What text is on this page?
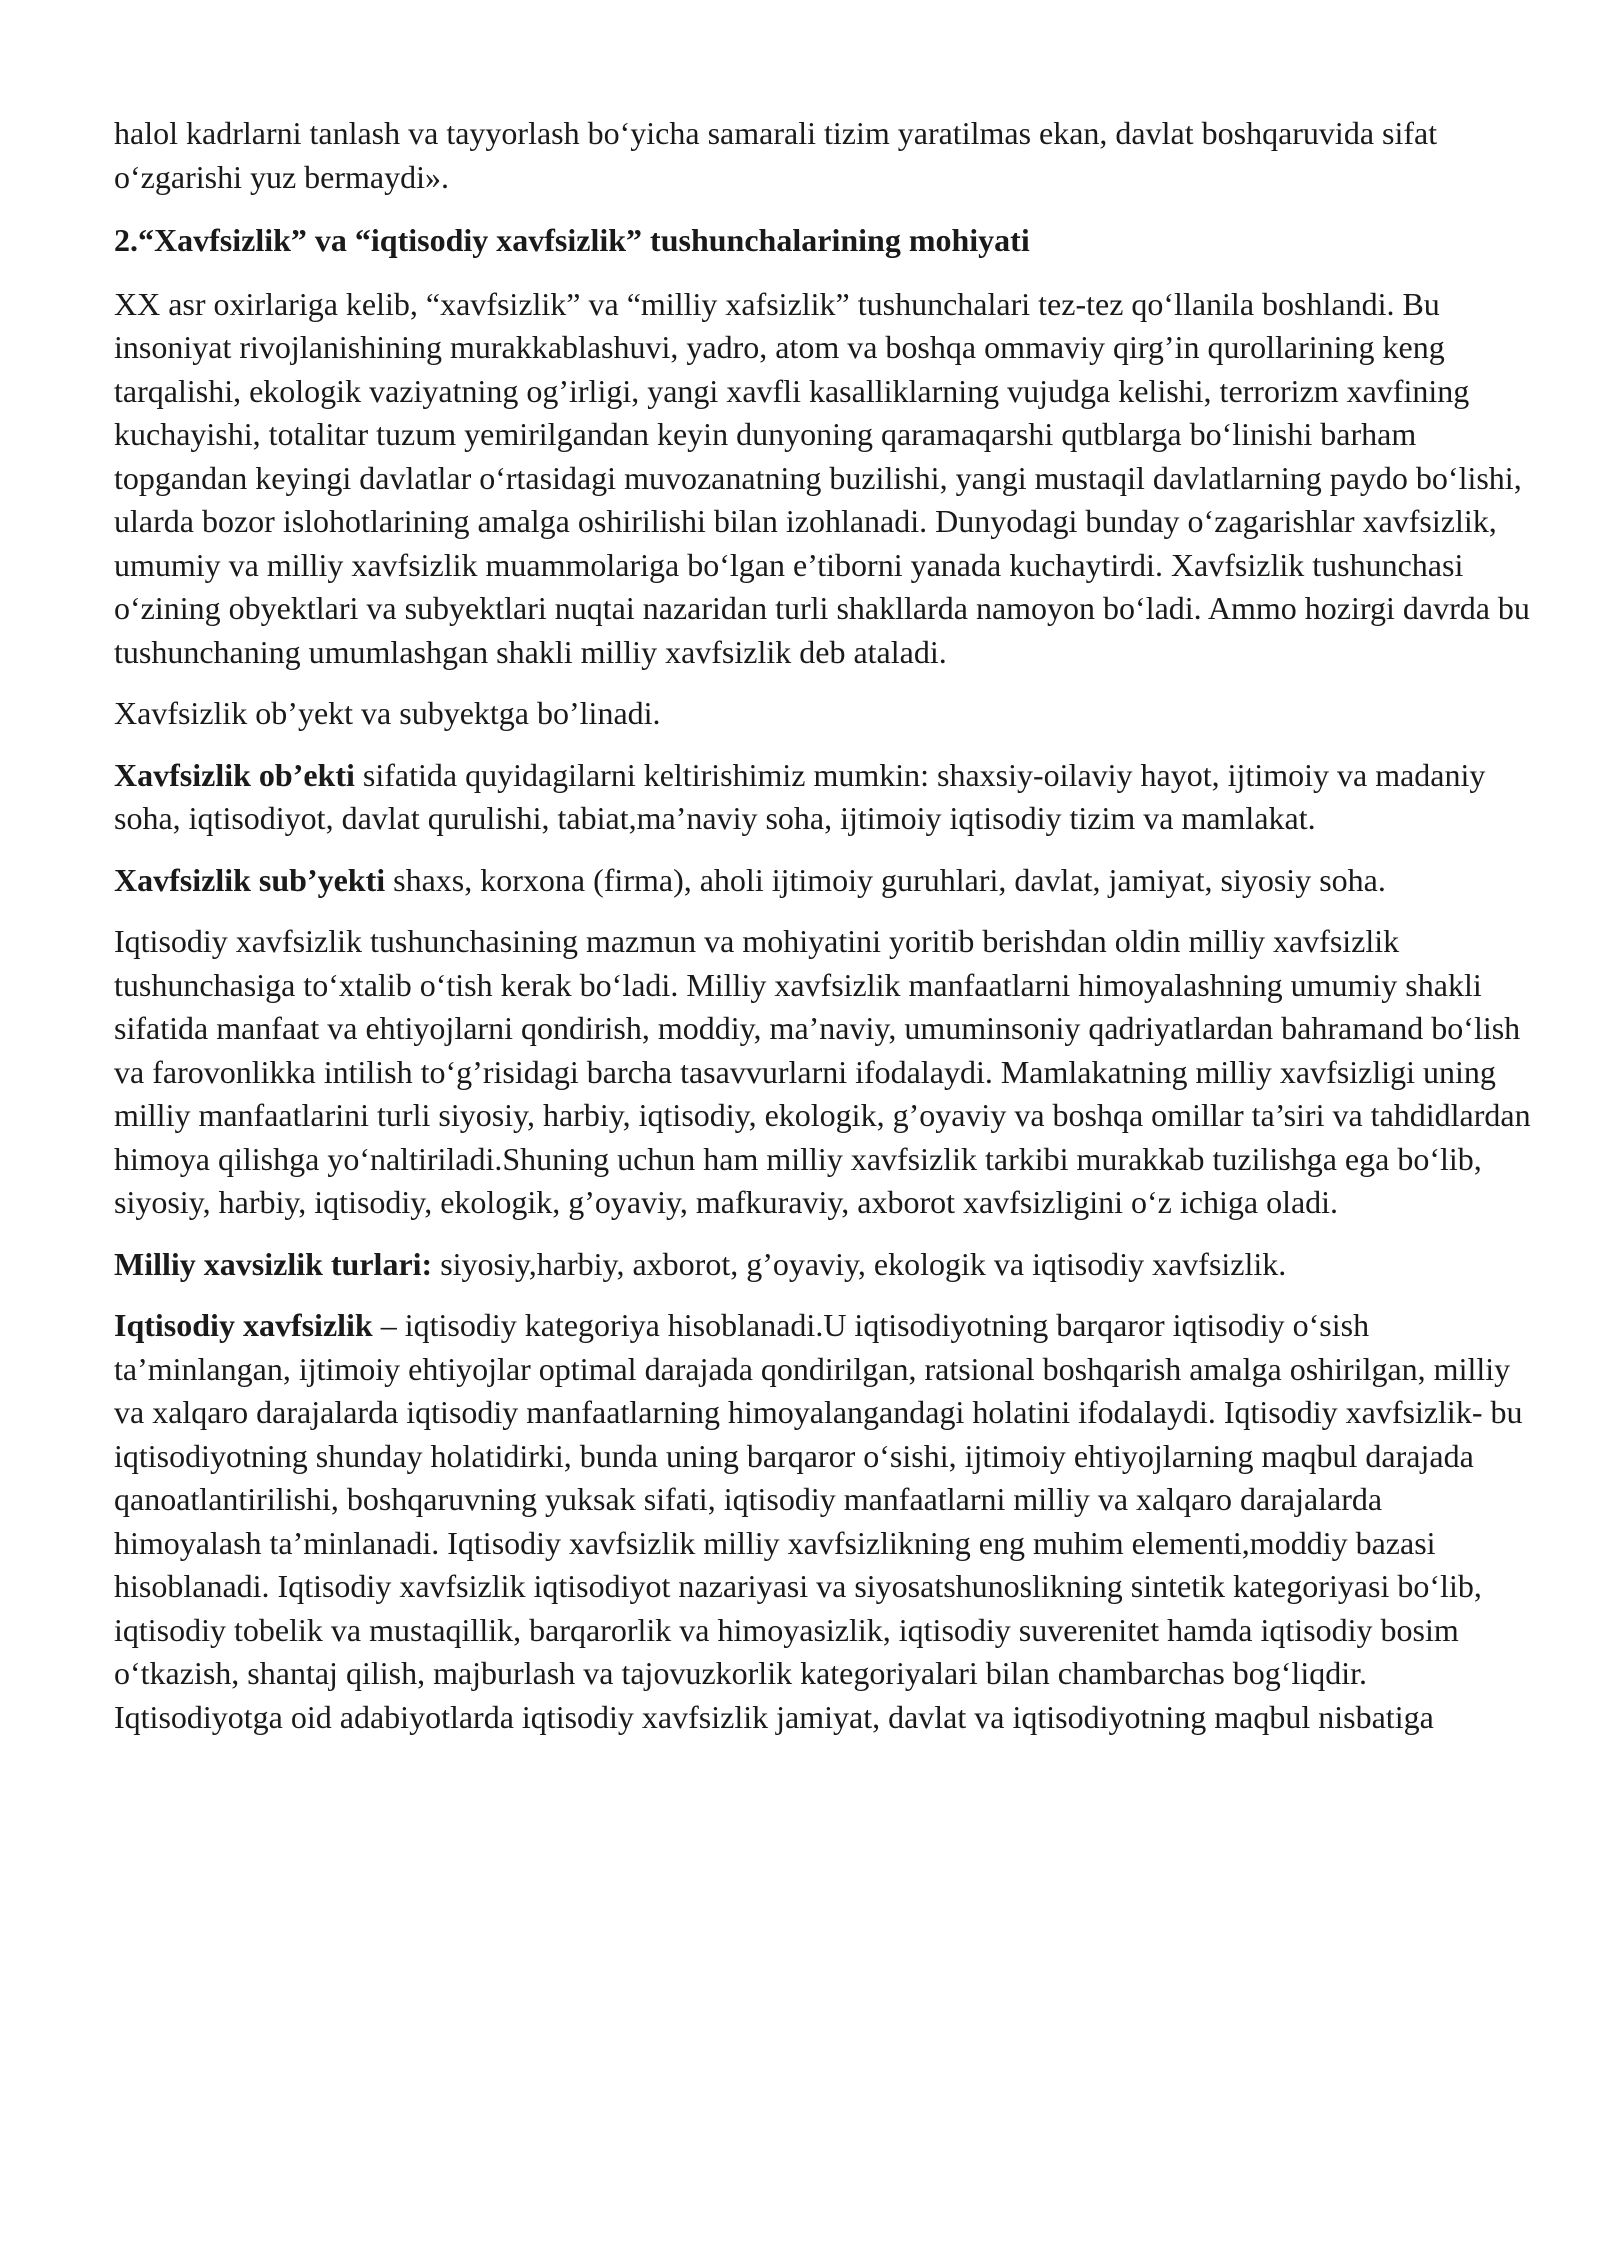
halol kadrlarni tanlash va tayyorlash bo‘yicha samarali tizim yaratilmas ekan, davlat boshqaruvida sifat o‘zgarishi yuz bermaydi».

2.“Xavfsizlik” va “iqtisodiy xavfsizlik” tushunchalarining mohiyati

XX asr oxirlariga kelib, “xavfsizlik” va “milliy xafsizlik” tushunchalari tez-tez qo‘llanila boshlandi. Bu insoniyat rivojlanishining murakkablashuvi, yadro, atom va boshqa ommaviy qirg’in qurollarining keng tarqalishi, ekologik vaziyatning og’irligi, yangi xavfli kasalliklarning vujudga kelishi, terrorizm xavfining kuchayishi, totalitar tuzum yemirilgandan keyin dunyoning qaramaqarshi qutblarga bo‘linishi barham topgandan keyingi davlatlar o‘rtasidagi muvozanatning buzilishi, yangi mustaqil davlatlarning paydo bo‘lishi, ularda bozor islohotlarining amalga oshirilishi bilan izohlanadi. Dunyodagi bunday o‘zagarishlar xavfsizlik, umumiy va milliy xavfsizlik muammolariga bo‘lgan e’tiborni yanada kuchaytirdi. Xavfsizlik tushunchasi o‘zining obyektlari va subyektlari nuqtai nazaridan turli shakllarda namoyon bo‘ladi. Ammo hozirgi davrda bu tushunchaning umumlashgan shakli milliy xavfsizlik deb ataladi.

Xavfsizlik ob’yekt va subyektga bo’linadi.

Xavfsizlik ob’ekti sifatida quyidagilarni keltirishimiz mumkin: shaxsiy-oilaviy hayot, ijtimoiy va madaniy soha, iqtisodiyot, davlat qurulishi, tabiat,ma’naviy soha, ijtimoiy iqtisodiy tizim va mamlakat.

Xavfsizlik sub’yekti shaxs, korxona (firma), aholi ijtimoiy guruhlari, davlat, jamiyat, siyosiy soha.

Iqtisodiy xavfsizlik tushunchasining mazmun va mohiyatini yoritib berishdan oldin milliy xavfsizlik tushunchasiga to‘xtalib o‘tish kerak bo‘ladi. Milliy xavfsizlik manfaatlarni himoyalashning umumiy shakli sifatida manfaat va ehtiyojlarni qondirish, moddiy, ma’naviy, umuminsoniy qadriyatlardan bahramand bo‘lish va farovonlikka intilish to‘g’risidagi barcha tasavvurlarni ifodalaydi. Mamlakatning milliy xavfsizligi uning milliy manfaatlarini turli siyosiy, harbiy, iqtisodiy, ekologik, g’oyaviy va boshqa omillar ta’siri va tahdidlardan himoya qilishga yo‘naltiriladi.Shuning uchun ham milliy xavfsizlik tarkibi murakkab tuzilishga ega bo‘lib, siyosiy, harbiy, iqtisodiy, ekologik, g’oyaviy, mafkuraviy, axborot xavfsizligini o‘z ichiga oladi.

Milliy xavsizlik turlari: siyosiy,harbiy, axborot, g’oyaviy, ekologik va iqtisodiy xavfsizlik.

Iqtisodiy xavfsizlik – iqtisodiy kategoriya hisoblanadi.U iqtisodiyotning barqaror iqtisodiy o‘sish ta’minlangan, ijtimoiy ehtiyojlar optimal darajada qondirilgan, ratsional boshqarish amalga oshirilgan, milliy va xalqaro darajalarda iqtisodiy manfaatlarning himoyalangandagi holatini ifodalaydi. Iqtisodiy xavfsizlik- bu iqtisodiyotning shunday holatidirki, bunda uning barqaror o‘sishi, ijtimoiy ehtiyojlarning maqbul darajada qanoatlantirilishi, boshqaruvning yuksak sifati, iqtisodiy manfaatlarni milliy va xalqaro darajalarda himoyalash ta’minlanadi. Iqtisodiy xavfsizlik milliy xavfsizlikning eng muhim elementi,moddiy bazasi hisoblanadi. Iqtisodiy xavfsizlik iqtisodiyot nazariyasi va siyosatshunoslikning sintetik kategoriyasi bo‘lib, iqtisodiy tobelik va mustaqillik, barqarorlik va himoyasizlik, iqtisodiy suverenitet hamda iqtisodiy bosim o‘tkazish, shantaj qilish, majburlash va tajovuzkorlik kategoriyalari bilan chambarchas bog‘liqdir. Iqtisodiyotga oid adabiyotlarda iqtisodiy xavfsizlik jamiyat, davlat va iqtisodiyotning maqbul nisbatiga
